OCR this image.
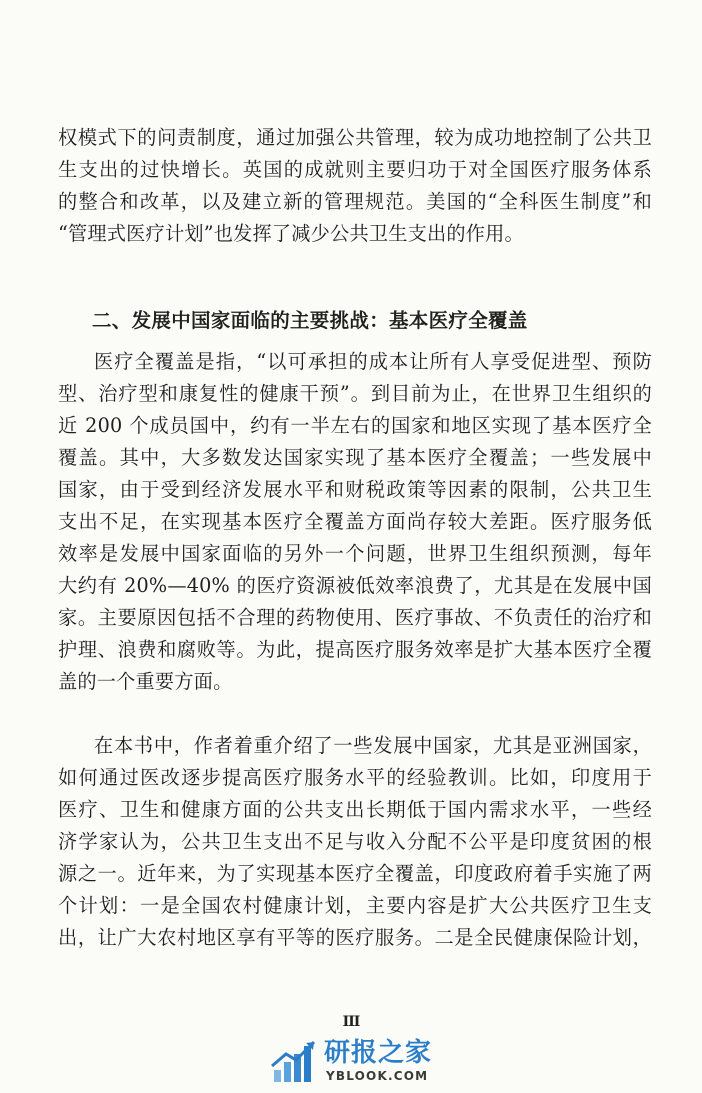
权模式下的问责制度，通过加强公共管理，较为成功地控制了公共卫
生支出的过快增长。英国的成就则主要归功于对全国医疗服务体系
的整合和改革，以及建立新的管理规范。美国的“全科医生制度”和
“管理式医疗计划”也发挥了减少公共卫生支出的作用。
二、发展中国家面临的主要挑战：基本医疗全覆盖
医疗全覆盖是指，“以可承担的成本让所有人享受促进型、预防
型、治疗型和康复性的健康干预”。到目前为止，在世界卫生组织的
近 200 个成员国中，约有一半左右的国家和地区实现了基本医疗全
覆盖。其中，大多数发达国家实现了基本医疗全覆盖；一些发展中
国家，由于受到经济发展水平和财税政策等因素的限制，公共卫生
支出不足，在实现基本医疗全覆盖方面尚存较大差距。医疗服务低
效率是发展中国家面临的另外一个问题，世界卫生组织预测，每年
大约有 20%—40% 的医疗资源被低效率浪费了，尤其是在发展中国
家。主要原因包括不合理的药物使用、医疗事故、不负责任的治疗和
护理、浪费和腐败等。为此，提高医疗服务效率是扩大基本医疗全覆
盖的一个重要方面。
在本书中，作者着重介绍了一些发展中国家，尤其是亚洲国家，
如何通过医改逐步提高医疗服务水平的经验教训。比如，印度用于
医疗、卫生和健康方面的公共支出长期低于国内需求水平，一些经
济学家认为，公共卫生支出不足与收入分配不公平是印度贫困的根
源之一。近年来，为了实现基本医疗全覆盖，印度政府着手实施了两
个计划：一是全国农村健康计划，主要内容是扩大公共医疗卫生支
出，让广大农村地区享有平等的医疗服务。二是全民健康保险计划，
III
研报之家
YBLOOK.COM
